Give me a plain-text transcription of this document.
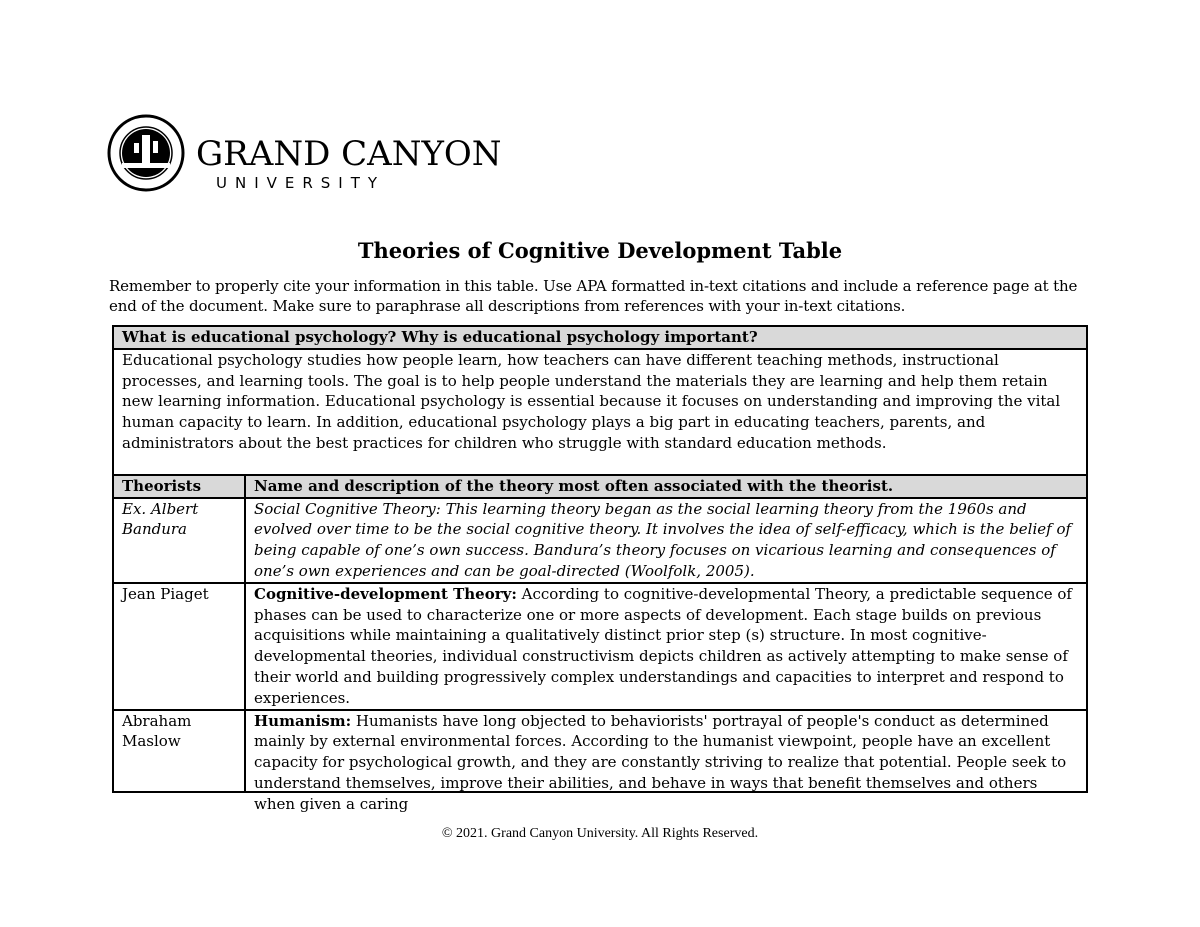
GRAND CANYON
UNIVERSITY
Theories of Cognitive Development Table
Remember to properly cite your information in this table. Use APA formatted in-text citations and include a reference page at the end of the document. Make sure to paraphrase all descriptions from references with your in-text citations.
What is educational psychology? Why is educational psychology important?	
Educational psychology studies how people learn, how teachers can have different teaching methods, instructional processes, and learning tools. The goal is to help people understand the materials they are learning and help them retain new learning information. Educational psychology is essential because it focuses on understanding and improving the vital human capacity to learn. In addition, educational psychology plays a big part in educating teachers, parents, and administrators about the best practices for children who struggle with standard education methods.	
Theorists	Name and description of the theory most often associated with the theorist.
Ex. Albert Bandura	Social Cognitive Theory: This learning theory began as the social learning theory from the 1960s and evolved over time to be the social cognitive theory. It involves the idea of self-efficacy, which is the belief of being capable of one’s own success. Bandura’s theory focuses on vicarious learning and consequences of one’s own experiences and can be goal-directed (Woolfolk, 2005).
Jean Piaget	Cognitive-development Theory: According to cognitive-developmental Theory, a predictable sequence of phases can be used to characterize one or more aspects of development. Each stage builds on previous acquisitions while maintaining a qualitatively distinct prior step (s) structure. In most cognitive-developmental theories, individual constructivism depicts children as actively attempting to make sense of their world and building progressively complex understandings and capacities to interpret and respond to experiences.
Abraham Maslow	Humanism: Humanists have long objected to behaviorists' portrayal of people's conduct as determined mainly by external environmental forces. According to the humanist viewpoint, people have an excellent capacity for psychological growth, and they are constantly striving to realize that potential. People seek to understand themselves, improve their abilities, and behave in ways that benefit themselves and others when given a caring
© 2021. Grand Canyon University. All Rights Reserved.
